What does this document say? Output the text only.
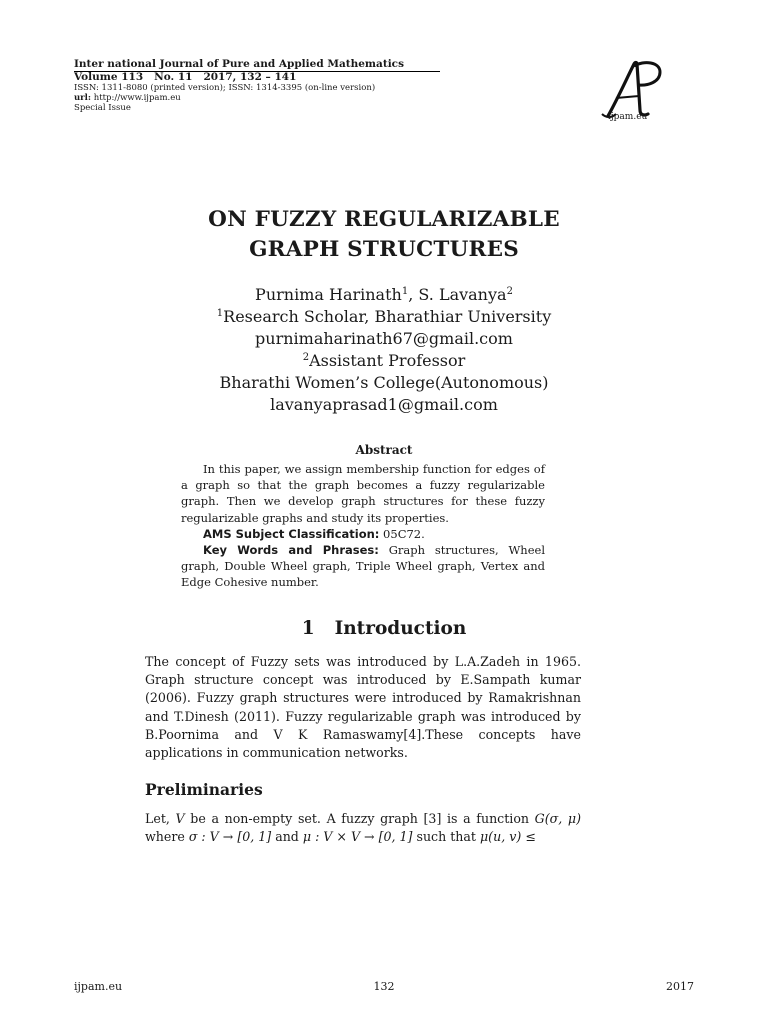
Inter national Journal of Pure and Applied Mathematics
Volume 113   No. 11   2017, 132 – 141
ISSN: 1311-8080 (printed version); ISSN: 1314-3395 (on-line version)
url: http://www.ijpam.eu
Special Issue
ijpam.eu
ON FUZZY REGULARIZABLE
GRAPH STRUCTURES
Purnima Harinath$^1$, S. Lavanya$^2$
$^1$Research Scholar, Bharathiar University
purnimaharinath67@gmail.com
$^2$Assistant Professor
Bharathi Women’s College(Autonomous)
lavanyaprasad1@gmail.com
Abstract

In this paper, we assign membership function for edges of a graph so that the graph becomes a fuzzy regularizable graph. Then we develop graph structures for these fuzzy regularizable graphs and study its properties.

AMS Subject Classification: 05C72.

Key Words and Phrases: Graph structures, Wheel graph, Double Wheel graph, Triple Wheel graph, Vertex and Edge Cohesive number.

1 Introduction

The concept of Fuzzy sets was introduced by L.A.Zadeh in 1965. Graph structure concept was introduced by E.Sampath kumar (2006). Fuzzy graph structures were introduced by Ramakrishnan and T.Dinesh (2011). Fuzzy regularizable graph was introduced by B.Poornima and V K Ramaswamy[4].These concepts have applications in communication networks.

Preliminaries

Let, V be a non-empty set. A fuzzy graph [3] is a function G(σ, μ) where σ : V → [0, 1] and μ : V × V → [0, 1] such that μ(u, v) ≤

ijpam.eu	132	2017
